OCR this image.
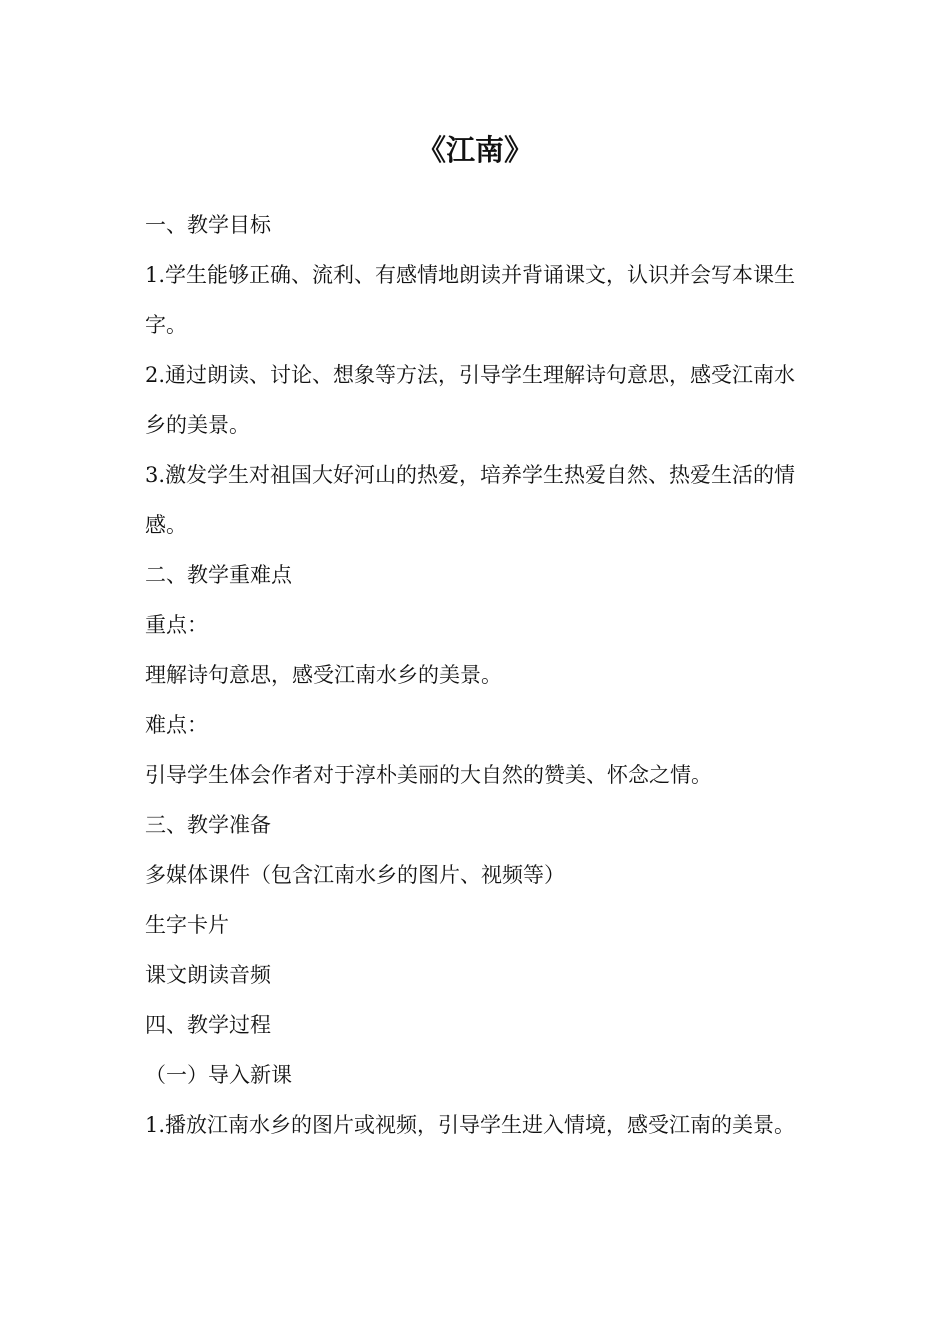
《江南》

一、教学目标

1.学生能够正确、流利、有感情地朗读并背诵课文，认识并会写本课生字。

2.通过朗读、讨论、想象等方法，引导学生理解诗句意思，感受江南水乡的美景。

3.激发学生对祖国大好河山的热爱，培养学生热爱自然、热爱生活的情感。

二、教学重难点

重点：

理解诗句意思，感受江南水乡的美景。

难点：

引导学生体会作者对于淳朴美丽的大自然的赞美、怀念之情。

三、教学准备

多媒体课件（包含江南水乡的图片、视频等）

生字卡片

课文朗读音频

四、教学过程

（一）导入新课

1.播放江南水乡的图片或视频，引导学生进入情境，感受江南的美景。
